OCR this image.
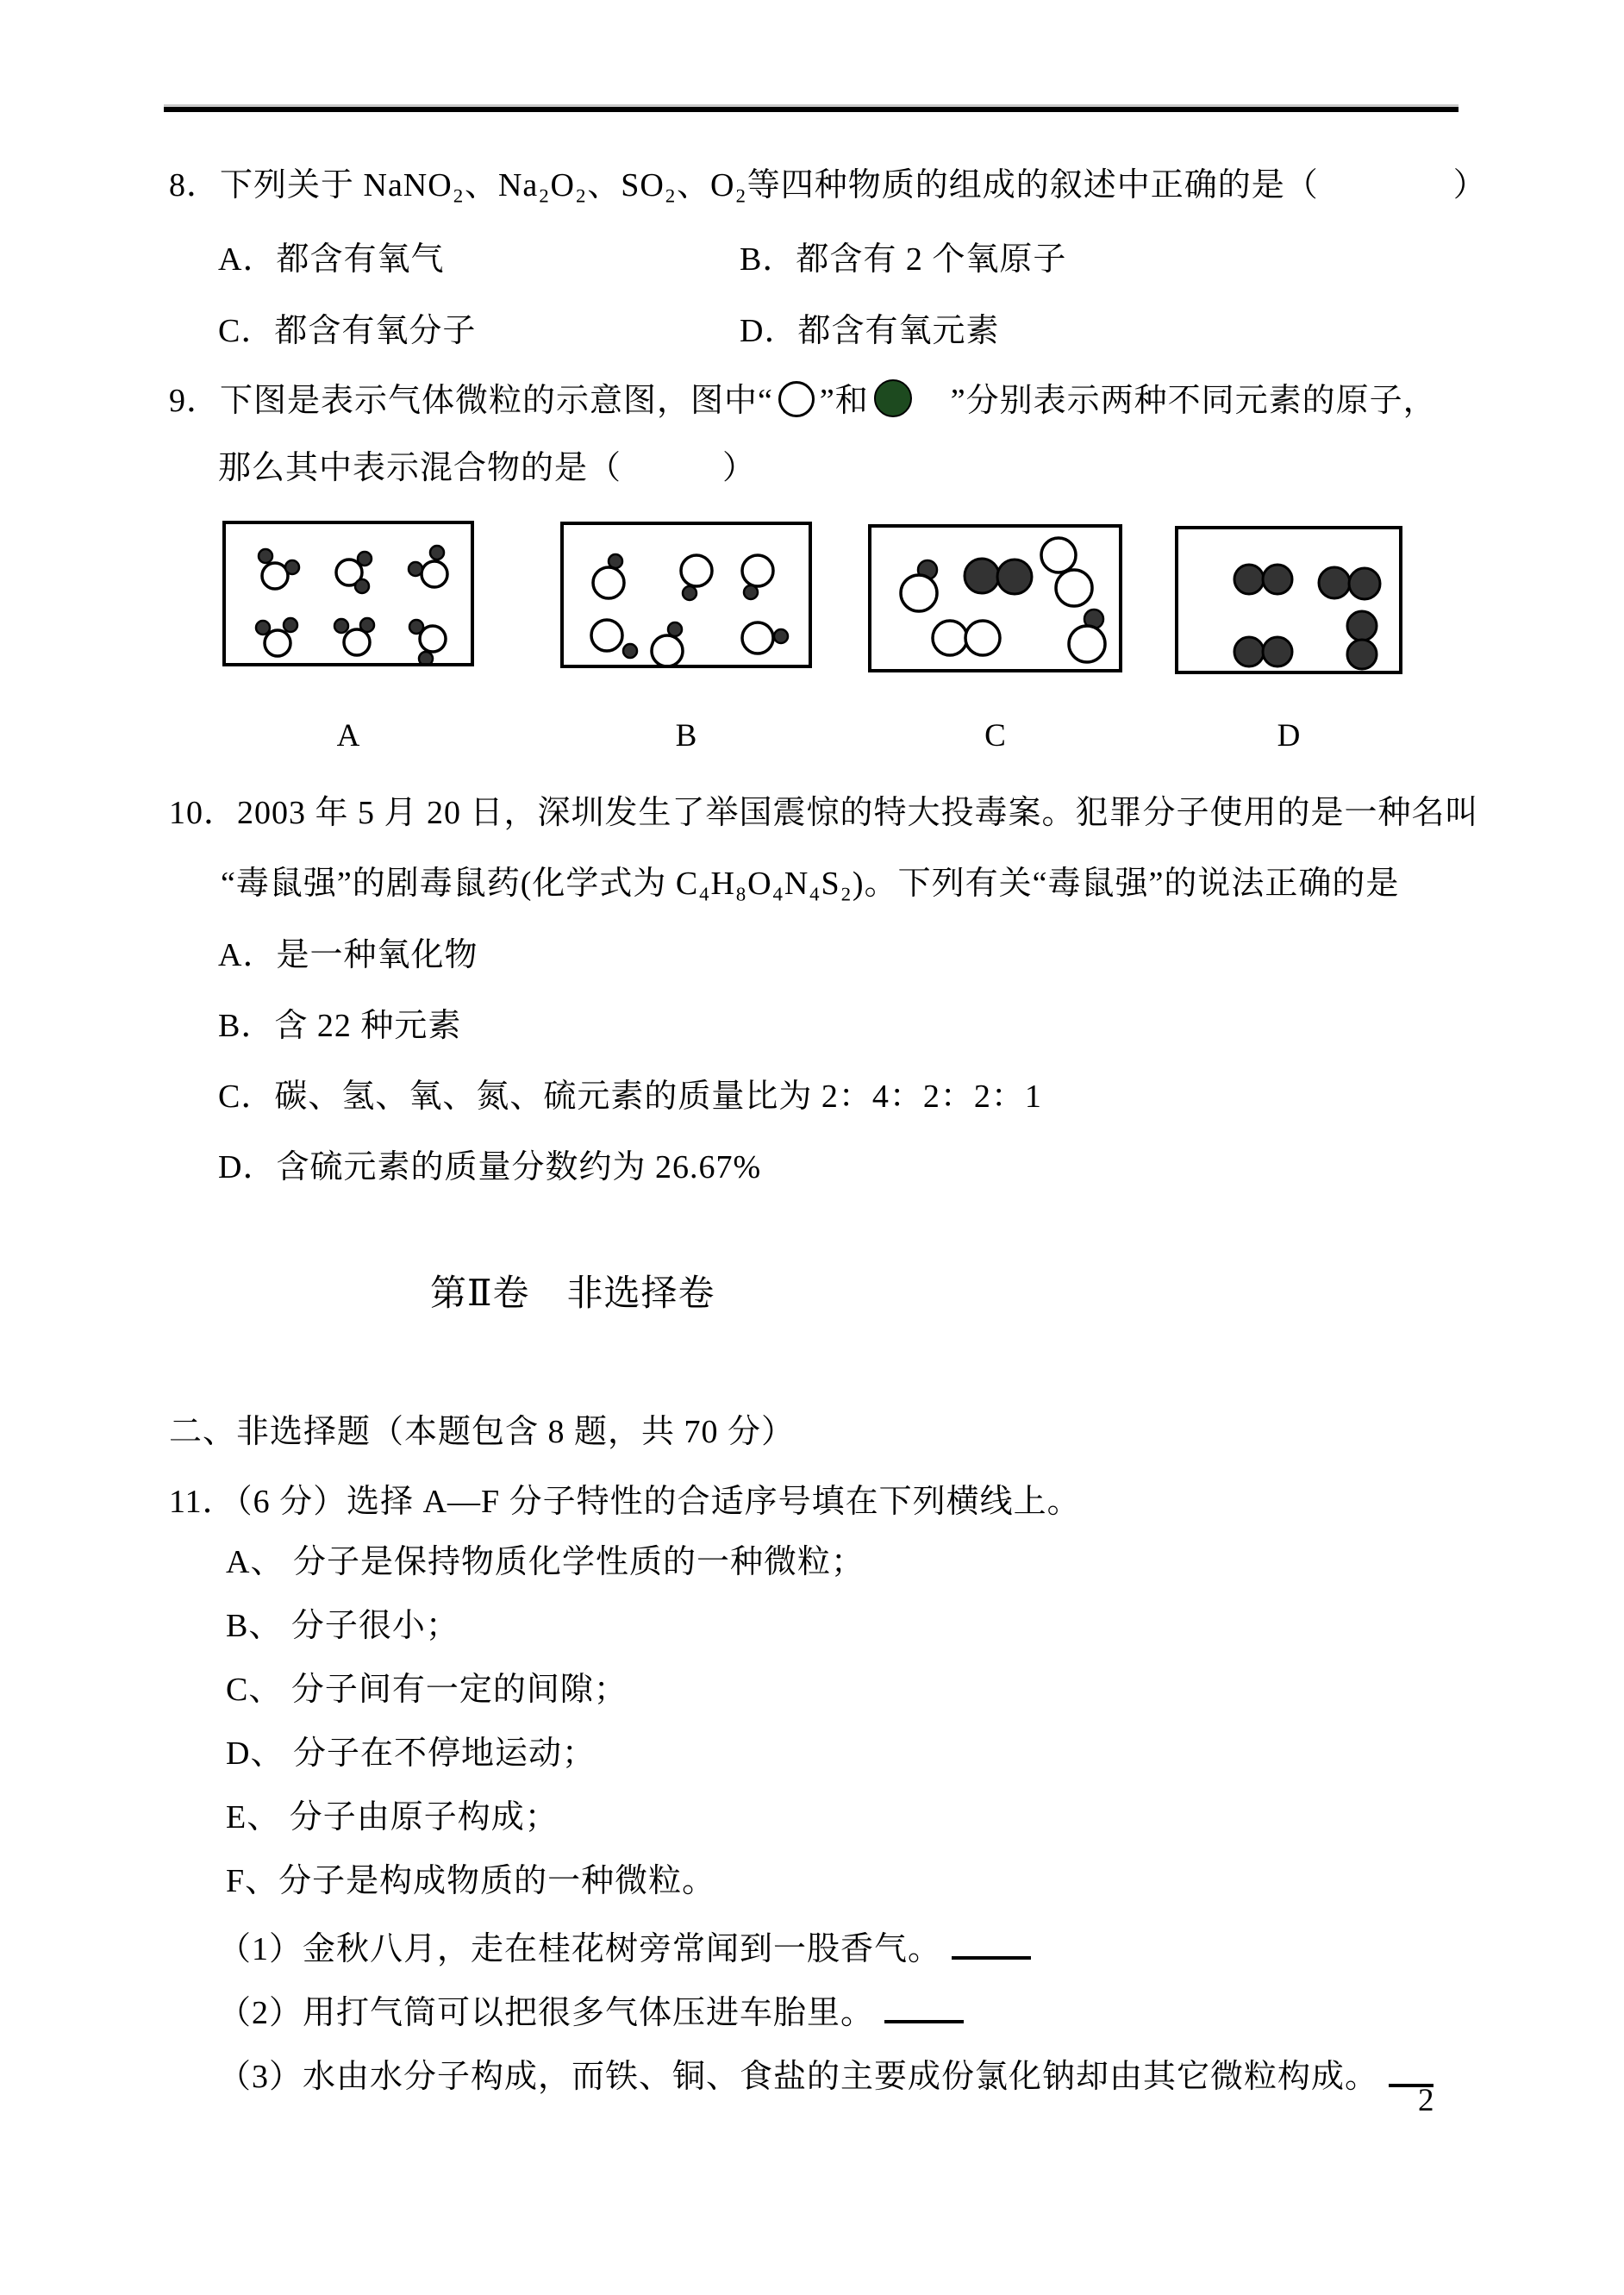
8．下列关于 NaNO₂、Na₂O₂、SO₂、O₂等四种物质的组成的叙述中正确的是（　　　　）
A．都含有氧气	B．都含有 2 个氧原子
C．都含有氧分子	D．都含有氧元素
9．下图是表示气体微粒的示意图，图中“ ”和　”分别表示两种不同元素的原子，
那么其中表示混合物的是（　　　）
10．2003 年 5 月 20 日，深圳发生了举国震惊的特大投毒案。犯罪分子使用的是一种名叫
“毒鼠强”的剧毒鼠药(化学式为 C₄H₈O₄N₄S₂)。下列有关“毒鼠强”的说法正确的是
A．是一种氧化物
B．含 22 种元素
C．碳、氢、氧、氮、硫元素的质量比为 2：4：2：2：1
D．含硫元素的质量分数约为 26.67%
第Ⅱ卷　非选择卷
二、非选择题（本题包含 8 题，共 70 分）
11．（6 分）选择 A—F 分子特性的合适序号填在下列横线上。
A、 分子是保持物质化学性质的一种微粒；
B、 分子很小；
C、 分子间有一定的间隙；
D、 分子在不停地运动；
E、 分子由原子构成；
F、分子是构成物质的一种微粒。
（1）金秋八月，走在桂花树旁常闻到一股香气。
（2）用打气筒可以把很多气体压进车胎里。
（3）水由水分子构成，而铁、铜、食盐的主要成份氯化钠却由其它微粒构成。
2
A	B	C	D
